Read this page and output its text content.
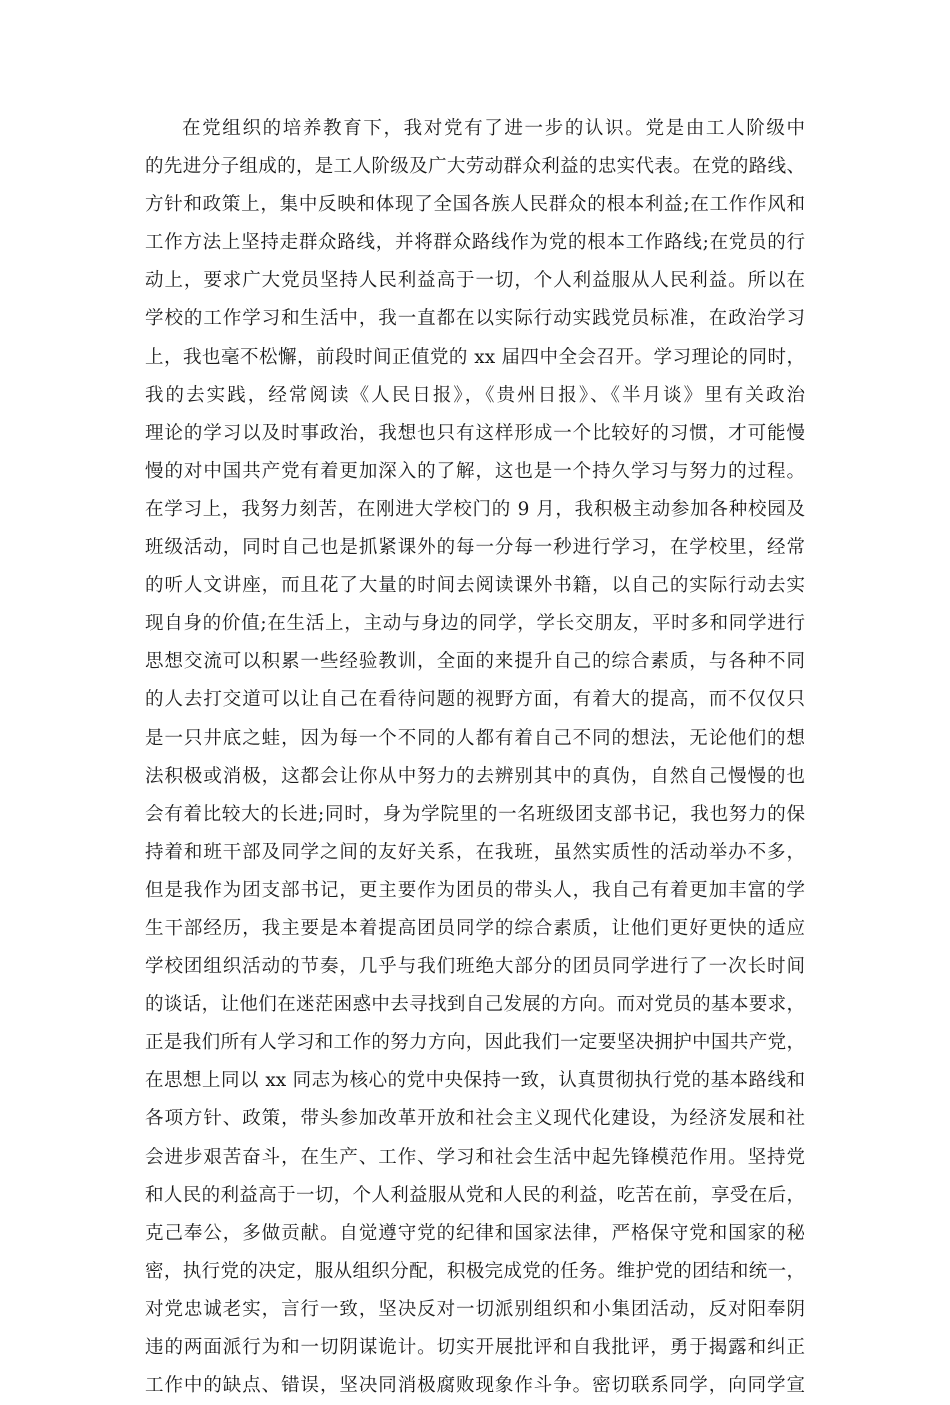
在党组织的培养教育下，我对党有了进一步的认识。党是由工人阶级中
的先进分子组成的，是工人阶级及广大劳动群众利益的忠实代表。在党的路线、
方针和政策上，集中反映和体现了全国各族人民群众的根本利益;在工作作风和
工作方法上坚持走群众路线，并将群众路线作为党的根本工作路线;在党员的行
动上，要求广大党员坚持人民利益高于一切，个人利益服从人民利益。所以在
学校的工作学习和生活中，我一直都在以实际行动实践党员标准，在政治学习
上，我也毫不松懈，前段时间正值党的 xx 届四中全会召开。学习理论的同时，
我的去实践，经常阅读《人民日报》，《贵州日报》、《半月谈》里有关政治
理论的学习以及时事政治，我想也只有这样形成一个比较好的习惯，才可能慢
慢的对中国共产党有着更加深入的了解，这也是一个持久学习与努力的过程。
在学习上，我努力刻苦，在刚进大学校门的 9 月，我积极主动参加各种校园及
班级活动，同时自己也是抓紧课外的每一分每一秒进行学习，在学校里，经常
的听人文讲座，而且花了大量的时间去阅读课外书籍，以自己的实际行动去实
现自身的价值;在生活上，主动与身边的同学，学长交朋友，平时多和同学进行
思想交流可以积累一些经验教训，全面的来提升自己的综合素质，与各种不同
的人去打交道可以让自己在看待问题的视野方面，有着大的提高，而不仅仅只
是一只井底之蛙，因为每一个不同的人都有着自己不同的想法，无论他们的想
法积极或消极，这都会让你从中努力的去辨别其中的真伪，自然自己慢慢的也
会有着比较大的长进;同时，身为学院里的一名班级团支部书记，我也努力的保
持着和班干部及同学之间的友好关系，在我班，虽然实质性的活动举办不多，
但是我作为团支部书记，更主要作为团员的带头人，我自己有着更加丰富的学
生干部经历，我主要是本着提高团员同学的综合素质，让他们更好更快的适应
学校团组织活动的节奏，几乎与我们班绝大部分的团员同学进行了一次长时间
的谈话，让他们在迷茫困惑中去寻找到自己发展的方向。而对党员的基本要求，
正是我们所有人学习和工作的努力方向，因此我们一定要坚决拥护中国共产党，
在思想上同以 xx 同志为核心的党中央保持一致，认真贯彻执行党的基本路线和
各项方针、政策，带头参加改革开放和社会主义现代化建设，为经济发展和社
会进步艰苦奋斗，在生产、工作、学习和社会生活中起先锋模范作用。坚持党
和人民的利益高于一切，个人利益服从党和人民的利益，吃苦在前，享受在后，
克己奉公，多做贡献。自觉遵守党的纪律和国家法律，严格保守党和国家的秘
密，执行党的决定，服从组织分配，积极完成党的任务。维护党的团结和统一，
对党忠诚老实，言行一致，坚决反对一切派别组织和小集团活动，反对阳奉阴
违的两面派行为和一切阴谋诡计。切实开展批评和自我批评，勇于揭露和纠正
工作中的缺点、错误，坚决同消极腐败现象作斗争。密切联系同学，向同学宣
